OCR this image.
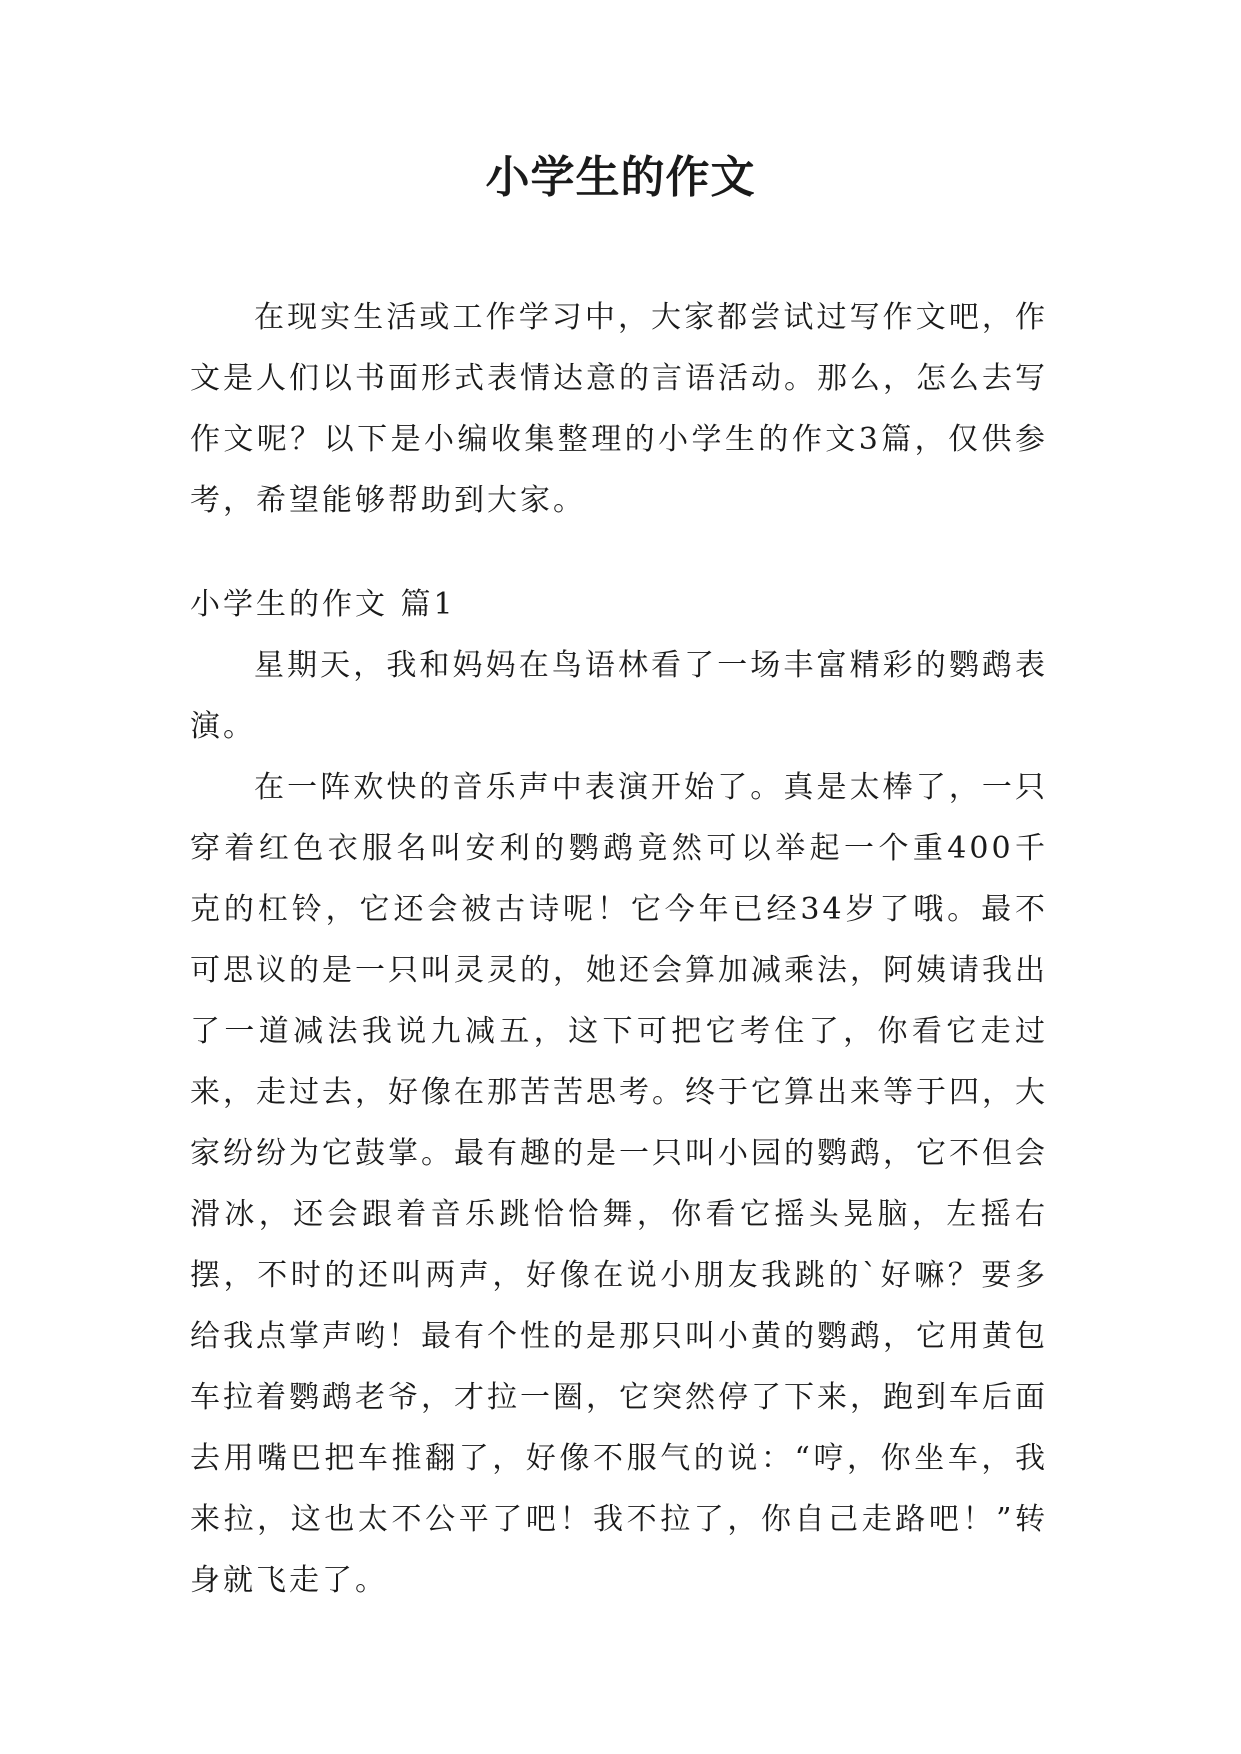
小学生的作文

在现实生活或工作学习中，大家都尝试过写作文吧，作文是人们以书面形式表情达意的言语活动。那么，怎么去写作文呢？以下是小编收集整理的小学生的作文3篇，仅供参考，希望能够帮助到大家。

小学生的作文 篇1

星期天，我和妈妈在鸟语林看了一场丰富精彩的鹦鹉表演。

在一阵欢快的音乐声中表演开始了。真是太棒了，一只穿着红色衣服名叫安利的鹦鹉竟然可以举起一个重400千克的杠铃，它还会被古诗呢！它今年已经34岁了哦。最不可思议的是一只叫灵灵的，她还会算加减乘法，阿姨请我出了一道减法我说九减五，这下可把它考住了，你看它走过来，走过去，好像在那苦苦思考。终于它算出来等于四，大家纷纷为它鼓掌。最有趣的是一只叫小园的鹦鹉，它不但会滑冰，还会跟着音乐跳恰恰舞，你看它摇头晃脑，左摇右摆，不时的还叫两声，好像在说小朋友我跳的`好嘛？要多给我点掌声哟！最有个性的是那只叫小黄的鹦鹉，它用黄包车拉着鹦鹉老爷，才拉一圈，它突然停了下来，跑到车后面去用嘴巴把车推翻了，好像不服气的说：“哼，你坐车，我来拉，这也太不公平了吧！我不拉了，你自己走路吧！”转身就飞走了。
